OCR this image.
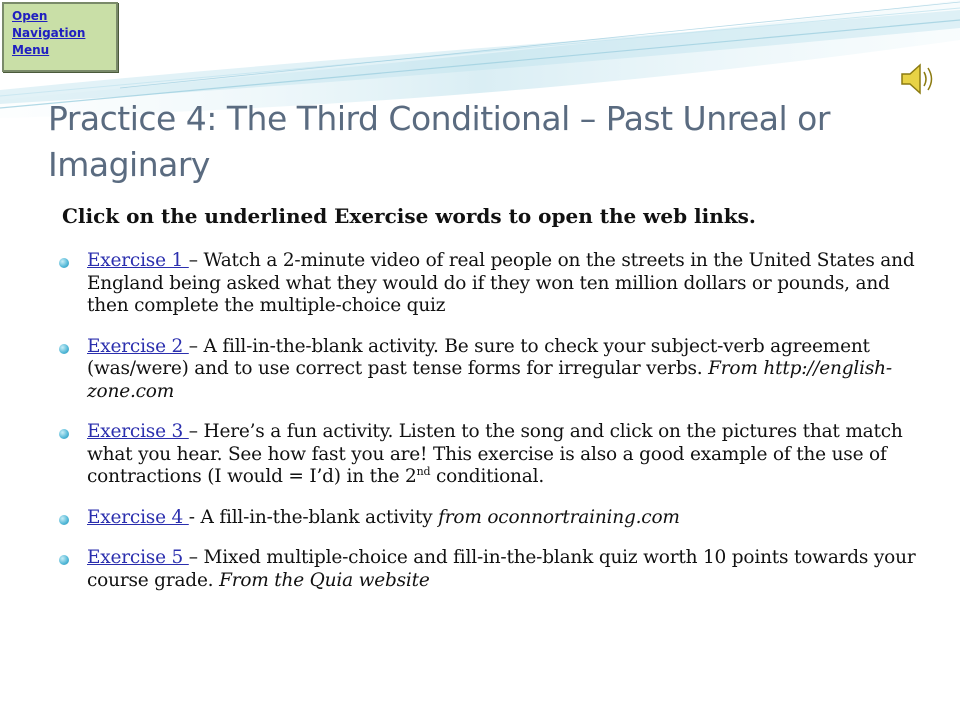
Open Navigation Menu
Practice 4: The Third Conditional – Past Unreal or Imaginary

Click on the underlined Exercise words to open the web links.

Exercise 1 – Watch a 2-minute video of real people on the streets in the United States and England being asked what they would do if they won ten million dollars or pounds, and then complete the multiple-choice quiz
Exercise 2 – A fill-in-the-blank activity. Be sure to check your subject-verb agreement (was/were) and to use correct past tense forms for irregular verbs. From http://english-zone.com
Exercise 3 – Here’s a fun activity. Listen to the song and click on the pictures that match what you hear. See how fast you are! This exercise is also a good example of the use of contractions (I would = I’d) in the 2nd conditional.
Exercise 4 - A fill-in-the-blank activity from oconnortraining.com
Exercise 5 – Mixed multiple-choice and fill-in-the-blank quiz worth 10 points towards your course grade. From the Quia website
